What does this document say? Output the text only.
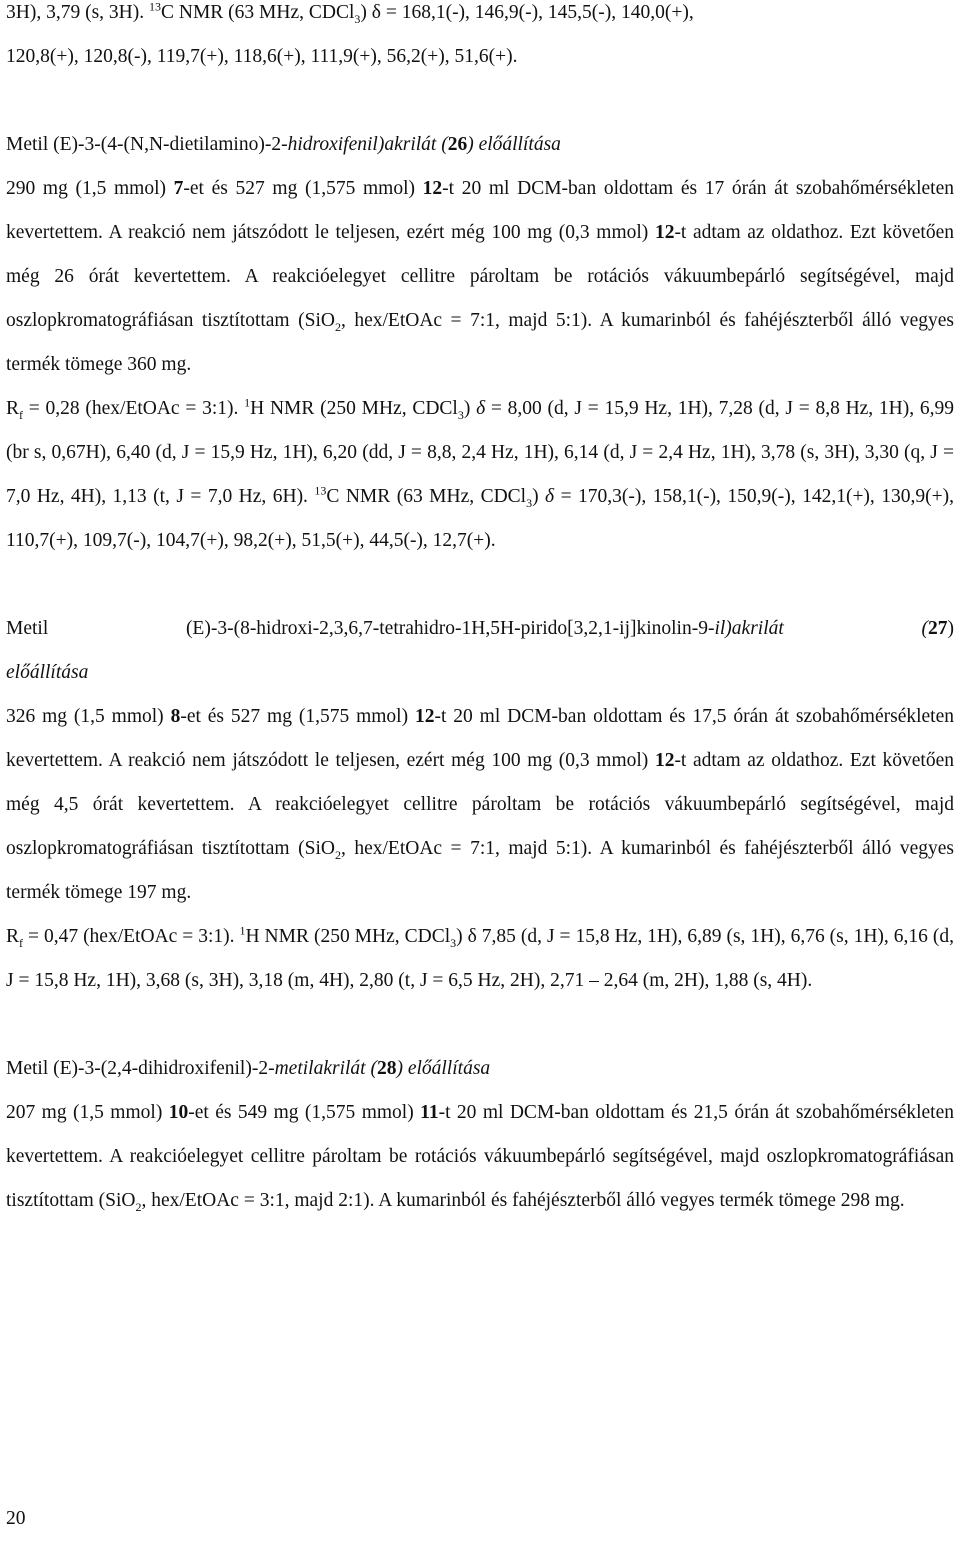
3H), 3,79 (s, 3H). $^{13}$C NMR (63 MHz, CDCl$_3$) δ = 168,1(-), 146,9(-), 145,5(-), 140,0(+),
120,8(+), 120,8(-), 119,7(+), 118,6(+), 111,9(+), 56,2(+), 51,6(+).

Metil (E)-3-(4-(N,N-dietilamino)-2-hidroxifenil)akrilát (26) előállítása

290 mg (1,5 mmol) 7-et és 527 mg (1,575 mmol) 12-t 20 ml DCM-ban oldottam és 17 órán át szobahőmérsékleten kevertettem. A reakció nem játszódott le teljesen, ezért még 100 mg (0,3 mmol) 12-t adtam az oldathoz. Ezt követően még 26 órát kevertettem. A reakcióelegyet cellitre pároltam be rotációs vákuumbepárló segítségével, majd oszlopkromatográfiásan tisztítottam (SiO$_2$, hex/EtOAc = 7:1, majd 5:1). A kumarinból és fahéjészterből álló vegyes termék tömege 360 mg.

$R_f = 0,28$ (hex/EtOAc = 3:1). $^1$H NMR (250 MHz, CDCl$_3$) δ = 8,00 (d, J = 15,9 Hz, 1H), 7,28 (d, J = 8,8 Hz, 1H), 6,99 (br s, 0,67H), 6,40 (d, J = 15,9 Hz, 1H), 6,20 (dd, J = 8,8, 2,4 Hz, 1H), 6,14 (d, J = 2,4 Hz, 1H), 3,78 (s, 3H), 3,30 (q, J = 7,0 Hz, 4H), 1,13 (t, J = 7,0 Hz, 6H). $^{13}$C NMR (63 MHz, CDCl$_3$) δ = 170,3(-), 158,1(-), 150,9(-), 142,1(+), 130,9(+), 110,7(+), 109,7(-), 104,7(+), 98,2(+), 51,5(+), 44,5(-), 12,7(+).

Metil	(E)-3-(8-hidroxi-2,3,6,7-tetrahidro-1H,5H-pirido[3,2,1-ij]kinolin-9-il)akrilát	(27)

előállítása

326 mg (1,5 mmol) 8-et és 527 mg (1,575 mmol) 12-t 20 ml DCM-ban oldottam és 17,5 órán át szobahőmérsékleten kevertettem. A reakció nem játszódott le teljesen, ezért még 100 mg (0,3 mmol) 12-t adtam az oldathoz. Ezt követően még 4,5 órát kevertettem. A reakcióelegyet cellitre pároltam be rotációs vákuumbepárló segítségével, majd oszlopkromatográfiásan tisztítottam (SiO$_2$, hex/EtOAc = 7:1, majd 5:1). A kumarinból és fahéjészterből álló vegyes termék tömege 197 mg.

$R_f = 0,47$ (hex/EtOAc = 3:1). $^1$H NMR (250 MHz, CDCl$_3$) δ 7,85 (d, J = 15,8 Hz, 1H), 6,89 (s, 1H), 6,76 (s, 1H), 6,16 (d, J = 15,8 Hz, 1H), 3,68 (s, 3H), 3,18 (m, 4H), 2,80 (t, J = 6,5 Hz, 2H), 2,71 – 2,64 (m, 2H), 1,88 (s, 4H).

Metil (E)-3-(2,4-dihidroxifenil)-2-metilakrilát (28) előállítása

207 mg (1,5 mmol) 10-et és 549 mg (1,575 mmol) 11-t 20 ml DCM-ban oldottam és 21,5 órán át szobahőmérsékleten kevertettem. A reakcióelegyet cellitre pároltam be rotációs vákuumbepárló segítségével, majd oszlopkromatográfiásan tisztítottam (SiO$_2$, hex/EtOAc = 3:1, majd 2:1). A kumarinból és fahéjészterből álló vegyes termék tömege 298 mg.

20
